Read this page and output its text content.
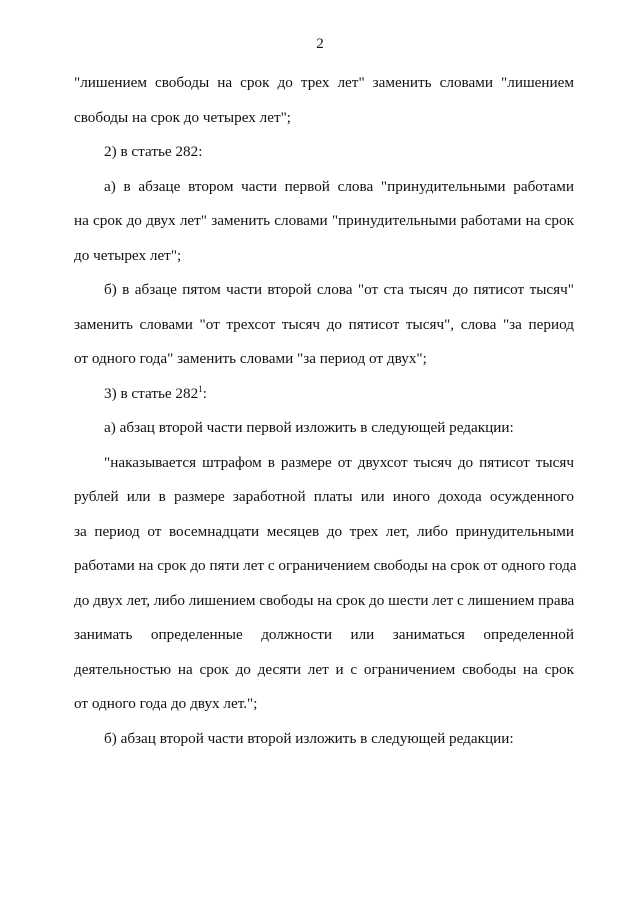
2
"лишением свободы на срок до трех лет" заменить словами "лишением
свободы на срок до четырех лет";
2) в статье 282:
а) в абзаце втором части первой слова "принудительными работами
на срок до двух лет" заменить словами "принудительными работами на срок
до четырех лет";
б) в абзаце пятом части второй слова "от ста тысяч до пятисот тысяч"
заменить словами "от трехсот тысяч до пятисот тысяч", слова "за период
от одного года" заменить словами "за период от двух";
3) в статье $282^1$:
а) абзац второй части первой изложить в следующей редакции:
"наказывается штрафом в размере от двухсот тысяч до пятисот тысяч
рублей или в размере заработной платы или иного дохода осужденного
за период от восемнадцати месяцев до трех лет, либо принудительными
работами на срок до пяти лет с ограничением свободы на срок от одного года
до двух лет, либо лишением свободы на срок до шести лет с лишением права
занимать определенные должности или заниматься определенной
деятельностью на срок до десяти лет и с ограничением свободы на срок
от одного года до двух лет.";
б) абзац второй части второй изложить в следующей редакции:
